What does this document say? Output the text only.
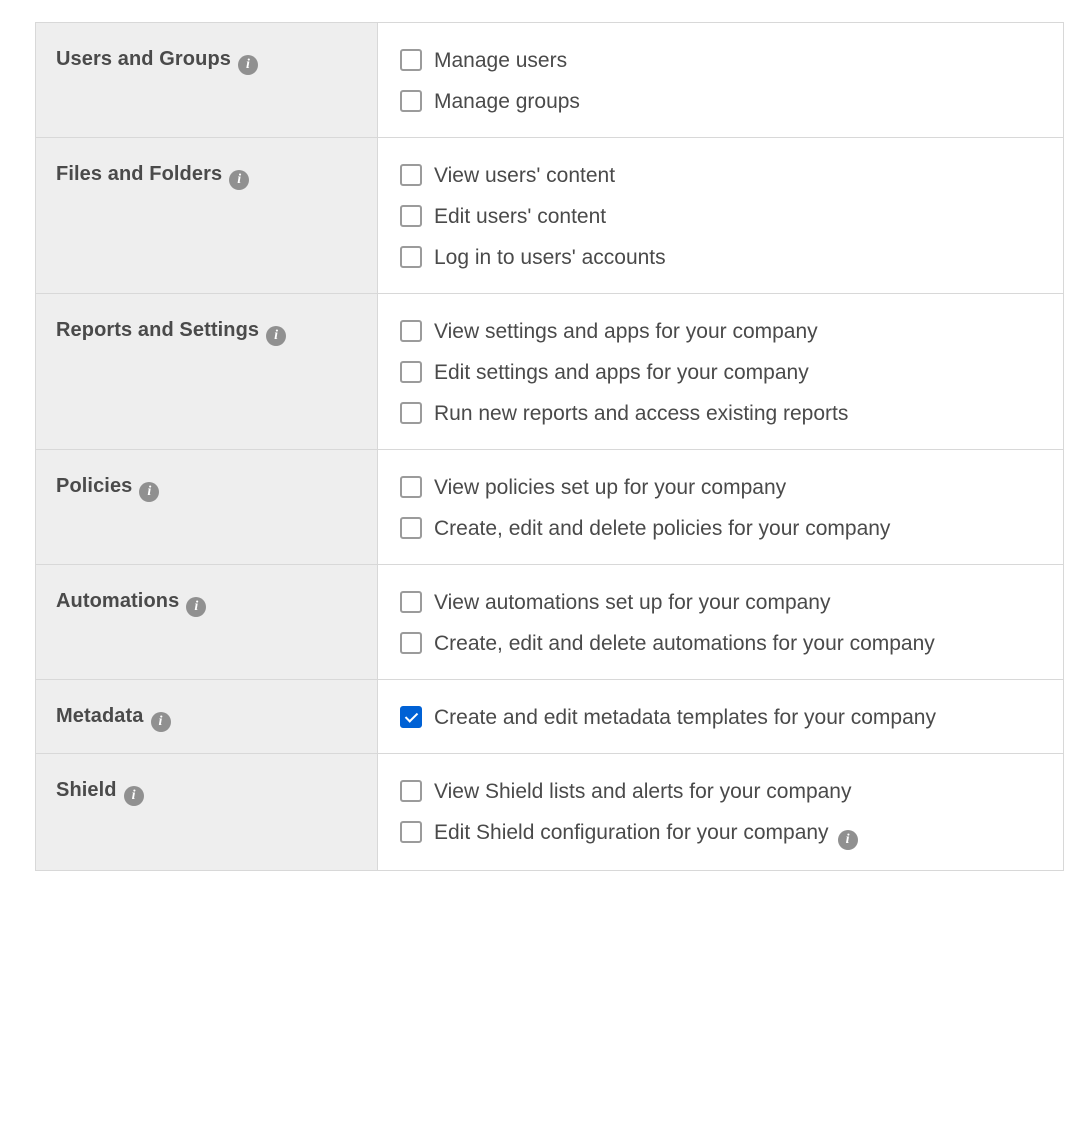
Users and Groups i	Manage users
Manage groups
Files and Folders i	View users' content
Edit users' content
Log in to users' accounts
Reports and Settings i	View settings and apps for your company
Edit settings and apps for your company
Run new reports and access existing reports
Policies i	View policies set up for your company
Create, edit and delete policies for your company
Automations i	View automations set up for your company
Create, edit and delete automations for your company
Metadata i	Create and edit metadata templates for your company
Shield i	View Shield lists and alerts for your company
Edit Shield configuration for your company i
